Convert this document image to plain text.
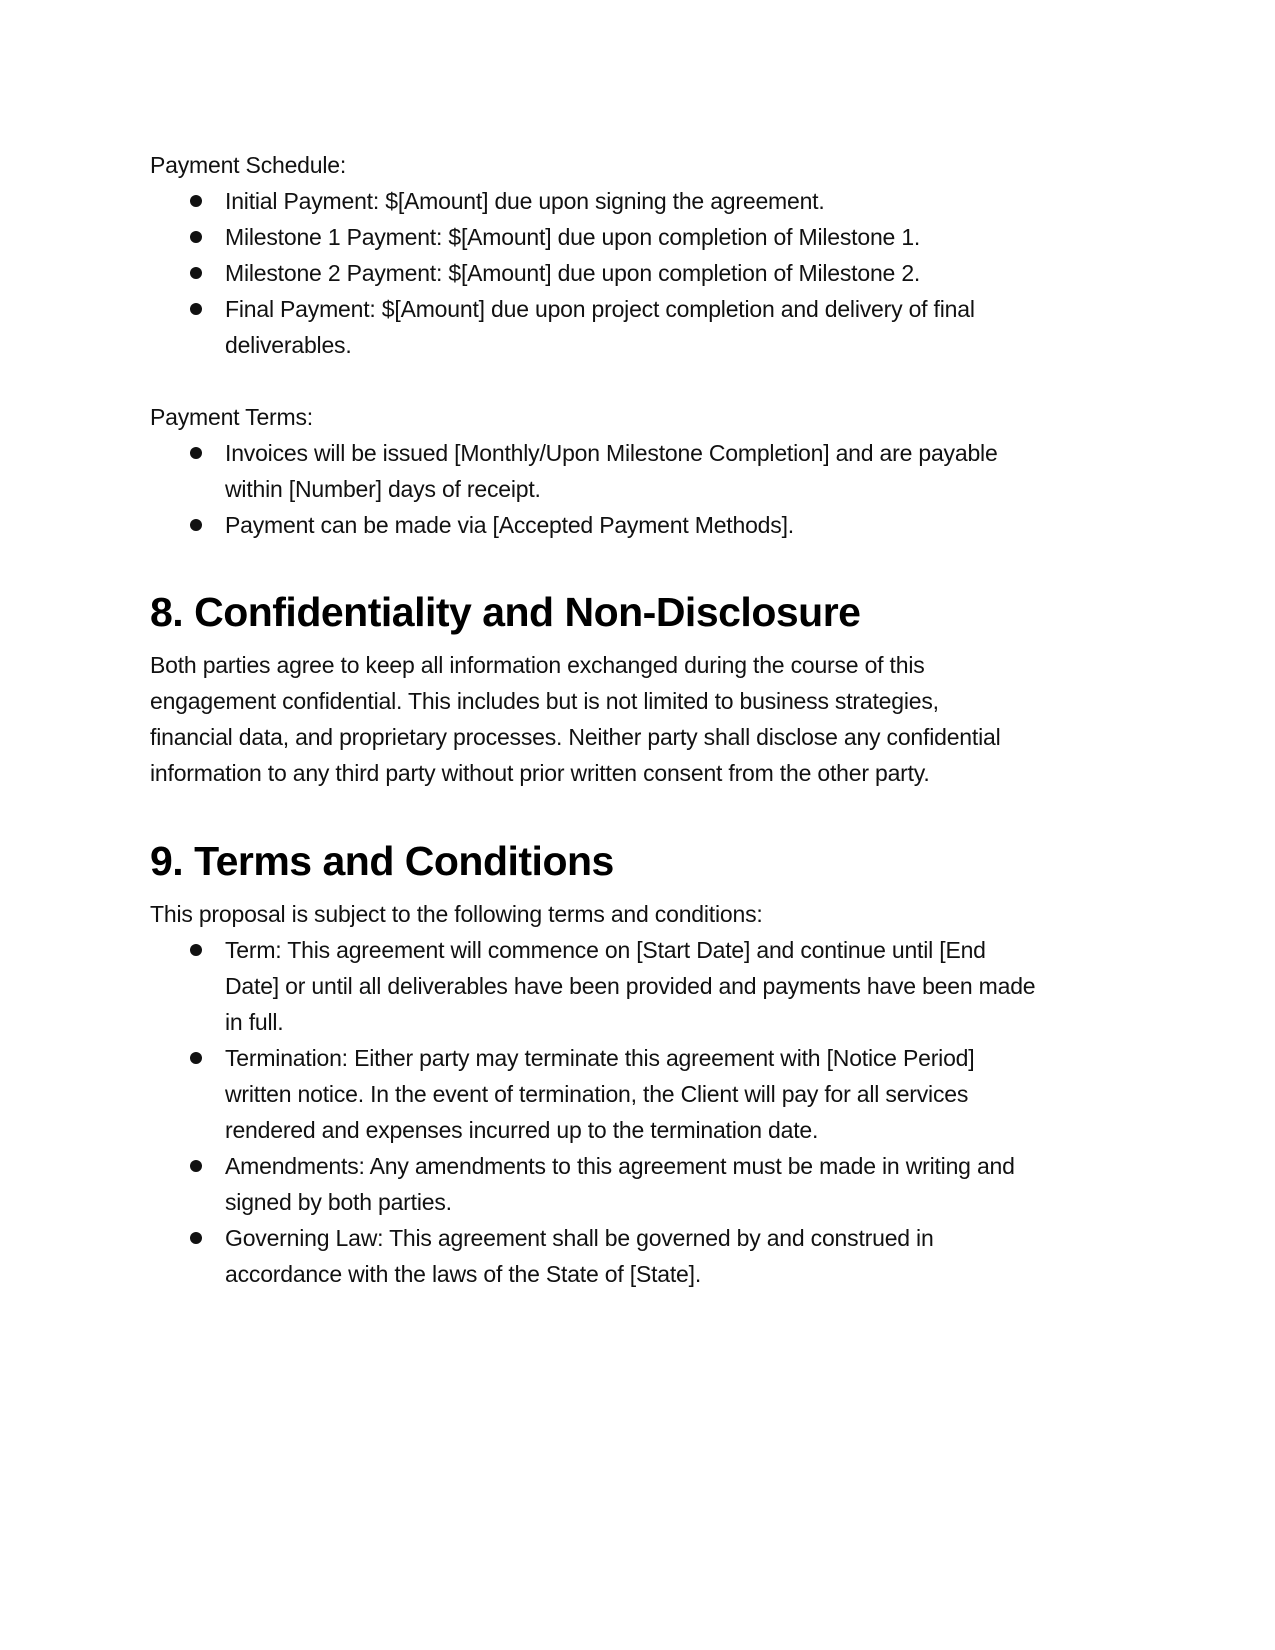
Payment Schedule:
Initial Payment: $[Amount] due upon signing the agreement.
Milestone 1 Payment: $[Amount] due upon completion of Milestone 1.
Milestone 2 Payment: $[Amount] due upon completion of Milestone 2.
Final Payment: $[Amount] due upon project completion and delivery of final
deliverables.
Payment Terms:
Invoices will be issued [Monthly/Upon Milestone Completion] and are payable
within [Number] days of receipt.
Payment can be made via [Accepted Payment Methods].
8. Confidentiality and Non-Disclosure
Both parties agree to keep all information exchanged during the course of this
engagement confidential. This includes but is not limited to business strategies,
financial data, and proprietary processes. Neither party shall disclose any confidential
information to any third party without prior written consent from the other party.
9. Terms and Conditions
This proposal is subject to the following terms and conditions:
Term: This agreement will commence on [Start Date] and continue until [End
Date] or until all deliverables have been provided and payments have been made
in full.
Termination: Either party may terminate this agreement with [Notice Period]
written notice. In the event of termination, the Client will pay for all services
rendered and expenses incurred up to the termination date.
Amendments: Any amendments to this agreement must be made in writing and
signed by both parties.
Governing Law: This agreement shall be governed by and construed in
accordance with the laws of the State of [State].
